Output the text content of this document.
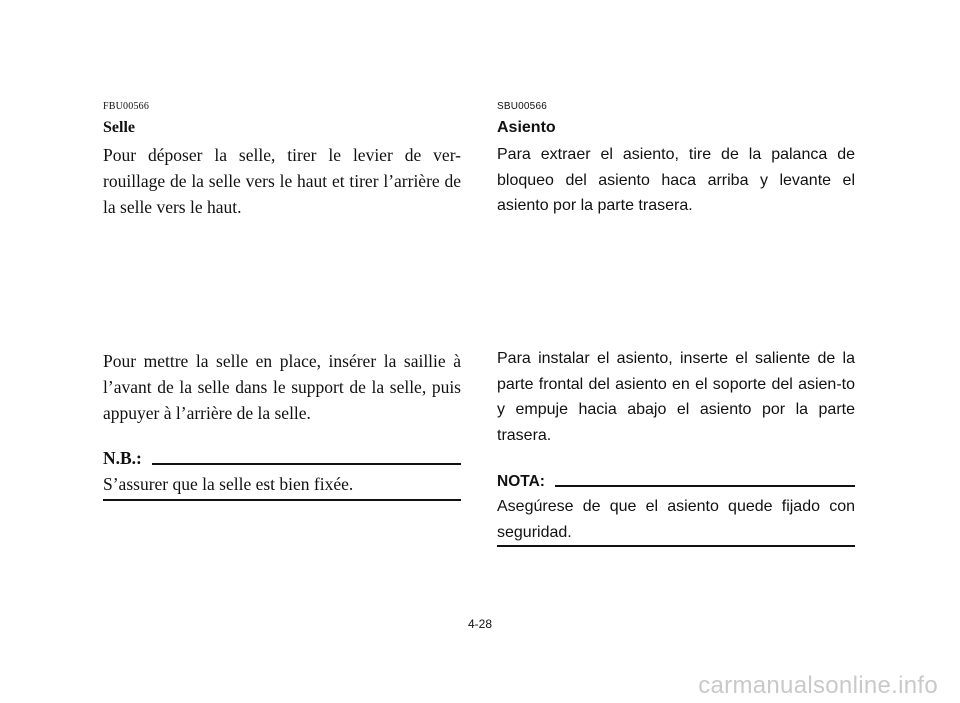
FBU00566
Selle

Pour déposer la selle, tirer le levier de ver-rouillage de la selle vers le haut et tirer l’arrière de la selle vers le haut.

Pour mettre la selle en place, insérer la saillie à l’avant de la selle dans le support de la selle, puis appuyer à l’arrière de la selle.

N.B.:

S’assurer que la selle est bien fixée.

SBU00566
Asiento

Para extraer el asiento, tire de la palanca de bloqueo del asiento haca arriba y levante el asiento por la parte trasera.

Para instalar el asiento, inserte el saliente de la parte frontal del asiento en el soporte del asien-to y empuje hacia abajo el asiento por la parte trasera.

NOTA:

Asegúrese de que el asiento quede fijado con seguridad.

4-28
carmanualsonline.info
